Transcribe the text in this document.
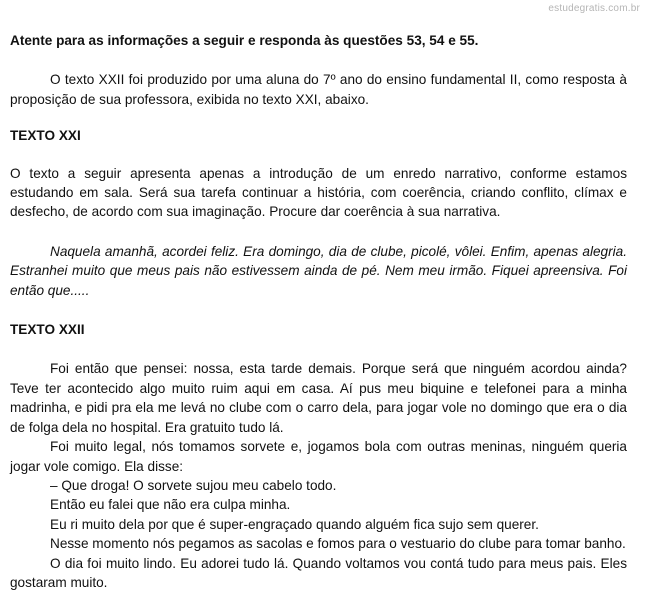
estudegratis.com.br

Atente para as informações a seguir e responda às questões 53, 54 e 55.

O texto XXII foi produzido por uma aluna do 7º ano do ensino fundamental II, como resposta à proposição de sua professora, exibida no texto XXI, abaixo.

TEXTO XXI

O texto a seguir apresenta apenas a introdução de um enredo narrativo, conforme estamos estudando em sala. Será sua tarefa continuar a história, com coerência, criando conflito, clímax e desfecho, de acordo com sua imaginação. Procure dar coerência à sua narrativa.

Naquela amanhã, acordei feliz. Era domingo, dia de clube, picolé, vôlei. Enfim, apenas alegria. Estranhei muito que meus pais não estivessem ainda de pé. Nem meu irmão. Fiquei apreensiva. Foi então que.....

TEXTO XXII

Foi então que pensei: nossa, esta tarde demais. Porque será que ninguém acordou ainda? Teve ter acontecido algo muito ruim aqui em casa. Aí pus meu biquine e telefonei para a minha madrinha, e pidi pra ela me levá no clube com o carro dela, para jogar vole no domingo que era o dia de folga dela no hospital. Era gratuito tudo lá.

Foi muito legal, nós tomamos sorvete e, jogamos bola com outras meninas, ninguém queria jogar vole comigo. Ela disse:

– Que droga! O sorvete sujou meu cabelo todo.

Então eu falei que não era culpa minha.

Eu ri muito dela por que é super-engraçado quando alguém fica sujo sem querer.

Nesse momento nós pegamos as sacolas e fomos para o vestuario do clube para tomar banho.

O dia foi muito lindo. Eu adorei tudo lá. Quando voltamos vou contá tudo para meus pais. Eles gostaram muito.
